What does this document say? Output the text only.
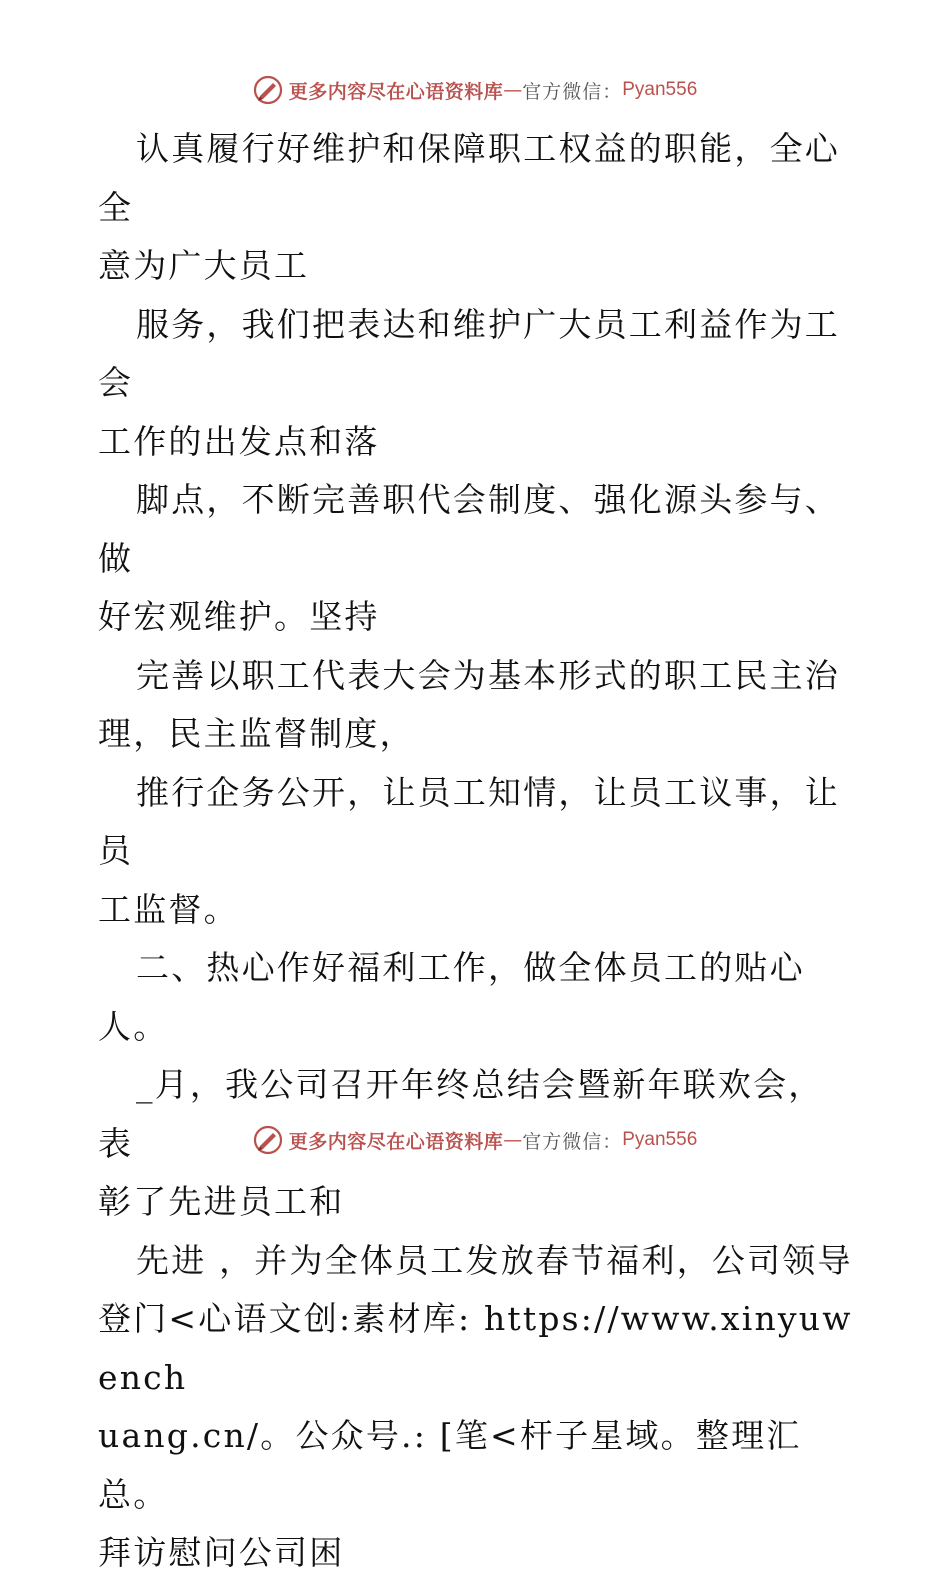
更多内容尽在心语资料库 — 官方微信： Pyan556
认真履行好维护和保障职工权益的职能，全心全
意为广大员工
服务，我们把表达和维护广大员工利益作为工会
工作的出发点和落
脚点，不断完善职代会制度、强化源头参与、做
好宏观维护。坚持
完善以职工代表大会为基本形式的职工民主治
理，民主监督制度，
推行企务公开，让员工知情，让员工议事，让员
工监督。
二、热心作好福利工作，做全体员工的贴心人。
_月，我公司召开年终总结会暨新年联欢会，表
彰了先进员工和
先进 ，并为全体员工发放春节福利，公司领导
登门<心语文创:素材库: https://www.xinyuwench
uang.cn/。公众号.: [笔<杆子星域。整理汇总。
拜访慰问公司困
更多内容尽在心语资料库 — 官方微信： Pyan556
